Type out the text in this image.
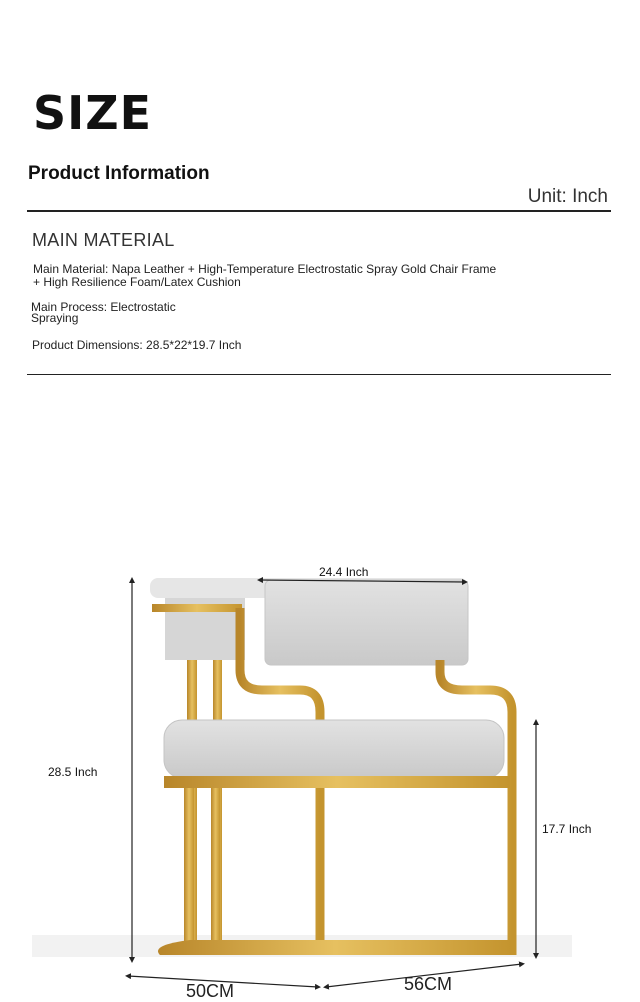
SIZE
Product Information
Unit: Inch
MAIN MATERIAL
Main Material: Napa Leather + High-Temperature Electrostatic Spray Gold Chair Frame
+ High Resilience Foam/Latex Cushion
Main Process: Electrostatic
Spraying
Product Dimensions: 28.5*22*19.7 Inch
24.4 Inch
28.5 Inch
17.7 Inch
50CM	56CM
